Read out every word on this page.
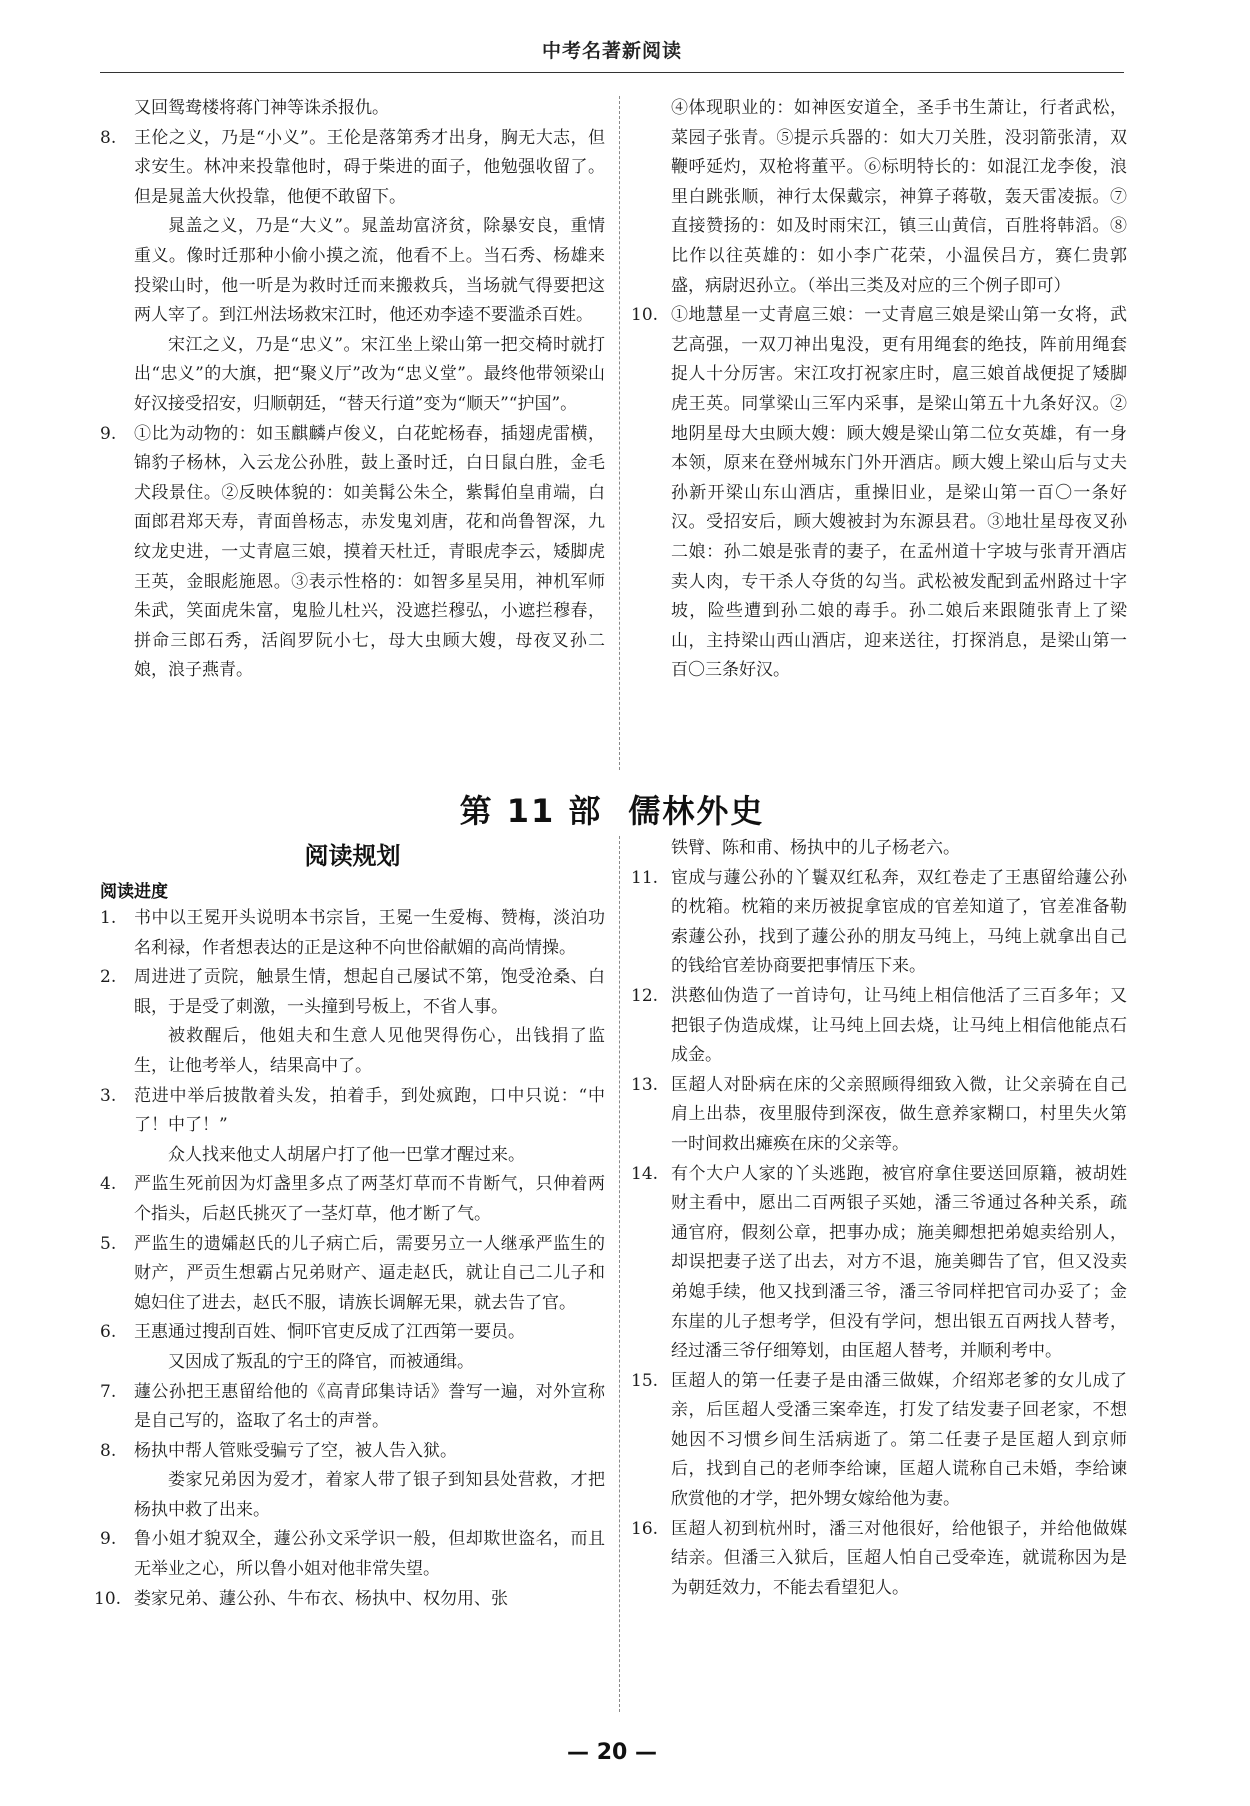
中考名著新阅读
又回鸳鸯楼将蒋门神等诛杀报仇。
8. 王伦之义，乃是“小义”。王伦是落第秀才出身，胸无大志，但求安生。林冲来投靠他时，碍于柴进的面子，他勉强收留了。但是晁盖大伙投靠，他便不敢留下。
晁盖之义，乃是“大义”。晁盖劫富济贫，除暴安良，重情重义。像时迁那种小偷小摸之流，他看不上。当石秀、杨雄来投梁山时，他一听是为救时迁而来搬救兵，当场就气得要把这两人宰了。到江州法场救宋江时，他还劝李逵不要滥杀百姓。
宋江之义，乃是“忠义”。宋江坐上梁山第一把交椅时就打出“忠义”的大旗，把“聚义厅”改为“忠义堂”。最终他带领梁山好汉接受招安，归顺朝廷，“替天行道”变为“顺天”“护国”。
9. ①比为动物的：如玉麒麟卢俊义，白花蛇杨春，插翅虎雷横，锦豹子杨林，入云龙公孙胜，鼓上蚤时迁，白日鼠白胜，金毛犬段景住。②反映体貌的：如美髯公朱仝，紫髯伯皇甫端，白面郎君郑天寿，青面兽杨志，赤发鬼刘唐，花和尚鲁智深，九纹龙史进，一丈青扈三娘，摸着天杜迁，青眼虎李云，矮脚虎王英，金眼彪施恩。③表示性格的：如智多星吴用，神机军师朱武，笑面虎朱富，鬼脸儿杜兴，没遮拦穆弘，小遮拦穆春，拼命三郎石秀，活阎罗阮小七，母大虫顾大嫂，母夜叉孙二娘，浪子燕青。
④体现职业的：如神医安道全，圣手书生萧让，行者武松，菜园子张青。⑤提示兵器的：如大刀关胜，没羽箭张清，双鞭呼延灼，双枪将董平。⑥标明特长的：如混江龙李俊，浪里白跳张顺，神行太保戴宗，神算子蒋敬，轰天雷凌振。⑦直接赞扬的：如及时雨宋江，镇三山黄信，百胜将韩滔。⑧比作以往英雄的：如小李广花荣，小温侯吕方，赛仁贵郭盛，病尉迟孙立。（举出三类及对应的三个例子即可）
10. ①地慧星一丈青扈三娘：一丈青扈三娘是梁山第一女将，武艺高强，一双刀神出鬼没，更有用绳套的绝技，阵前用绳套捉人十分厉害。宋江攻打祝家庄时，扈三娘首战便捉了矮脚虎王英。同掌梁山三军内采事，是梁山第五十九条好汉。②地阴星母大虫顾大嫂：顾大嫂是梁山第二位女英雄，有一身本领，原来在登州城东门外开酒店。顾大嫂上梁山后与丈夫孙新开梁山东山酒店，重操旧业，是梁山第一百〇一条好汉。受招安后，顾大嫂被封为东源县君。③地壮星母夜叉孙二娘：孙二娘是张青的妻子，在孟州道十字坡与张青开酒店卖人肉，专干杀人夺货的勾当。武松被发配到孟州路过十字坡，险些遭到孙二娘的毒手。孙二娘后来跟随张青上了梁山，主持梁山西山酒店，迎来送往，打探消息，是梁山第一百〇三条好汉。
第 11 部 儒林外史
阅读规划
阅读进度
1. 书中以王冕开头说明本书宗旨，王冕一生爱梅、赞梅，淡泊功名利禄，作者想表达的正是这种不向世俗献媚的高尚情操。
2. 周进进了贡院，触景生情，想起自己屡试不第，饱受沧桑、白眼，于是受了刺激，一头撞到号板上，不省人事。
被救醒后，他姐夫和生意人见他哭得伤心，出钱捐了监生，让他考举人，结果高中了。
3. 范进中举后披散着头发，拍着手，到处疯跑，口中只说：“中了！中了！”
众人找来他丈人胡屠户打了他一巴掌才醒过来。
4. 严监生死前因为灯盏里多点了两茎灯草而不肯断气，只伸着两个指头，后赵氏挑灭了一茎灯草，他才断了气。
5. 严监生的遗孀赵氏的儿子病亡后，需要另立一人继承严监生的财产，严贡生想霸占兄弟财产、逼走赵氏，就让自己二儿子和媳妇住了进去，赵氏不服，请族长调解无果，就去告了官。
6. 王惠通过搜刮百姓、恫吓官吏反成了江西第一要员。
又因成了叛乱的宁王的降官，而被通缉。
7. 蘧公孙把王惠留给他的《高青邱集诗话》誊写一遍，对外宣称是自己写的，盗取了名士的声誉。
8. 杨执中帮人管账受骗亏了空，被人告入狱。
娄家兄弟因为爱才，着家人带了银子到知县处营救，才把杨执中救了出来。
9. 鲁小姐才貌双全，蘧公孙文采学识一般，但却欺世盗名，而且无举业之心，所以鲁小姐对他非常失望。
10. 娄家兄弟、蘧公孙、牛布衣、杨执中、权勿用、张
铁臂、陈和甫、杨执中的儿子杨老六。
11. 宦成与蘧公孙的丫鬟双红私奔，双红卷走了王惠留给蘧公孙的枕箱。枕箱的来历被捉拿宦成的官差知道了，官差准备勒索蘧公孙，找到了蘧公孙的朋友马纯上，马纯上就拿出自己的钱给官差协商要把事情压下来。
12. 洪憨仙伪造了一首诗句，让马纯上相信他活了三百多年；又把银子伪造成煤，让马纯上回去烧，让马纯上相信他能点石成金。
13. 匡超人对卧病在床的父亲照顾得细致入微，让父亲骑在自己肩上出恭，夜里服侍到深夜，做生意养家糊口，村里失火第一时间救出瘫痪在床的父亲等。
14. 有个大户人家的丫头逃跑，被官府拿住要送回原籍，被胡姓财主看中，愿出二百两银子买她，潘三爷通过各种关系，疏通官府，假刻公章，把事办成；施美卿想把弟媳卖给别人，却误把妻子送了出去，对方不退，施美卿告了官，但又没卖弟媳手续，他又找到潘三爷，潘三爷同样把官司办妥了；金东崖的儿子想考学，但没有学问，想出银五百两找人替考，经过潘三爷仔细筹划，由匡超人替考，并顺利考中。
15. 匡超人的第一任妻子是由潘三做媒，介绍郑老爹的女儿成了亲，后匡超人受潘三案牵连，打发了结发妻子回老家，不想她因不习惯乡间生活病逝了。第二任妻子是匡超人到京师后，找到自己的老师李给谏，匡超人谎称自己未婚，李给谏欣赏他的才学，把外甥女嫁给他为妻。
16. 匡超人初到杭州时，潘三对他很好，给他银子，并给他做媒结亲。但潘三入狱后，匡超人怕自己受牵连，就谎称因为是为朝廷效力，不能去看望犯人。
— 20 —
